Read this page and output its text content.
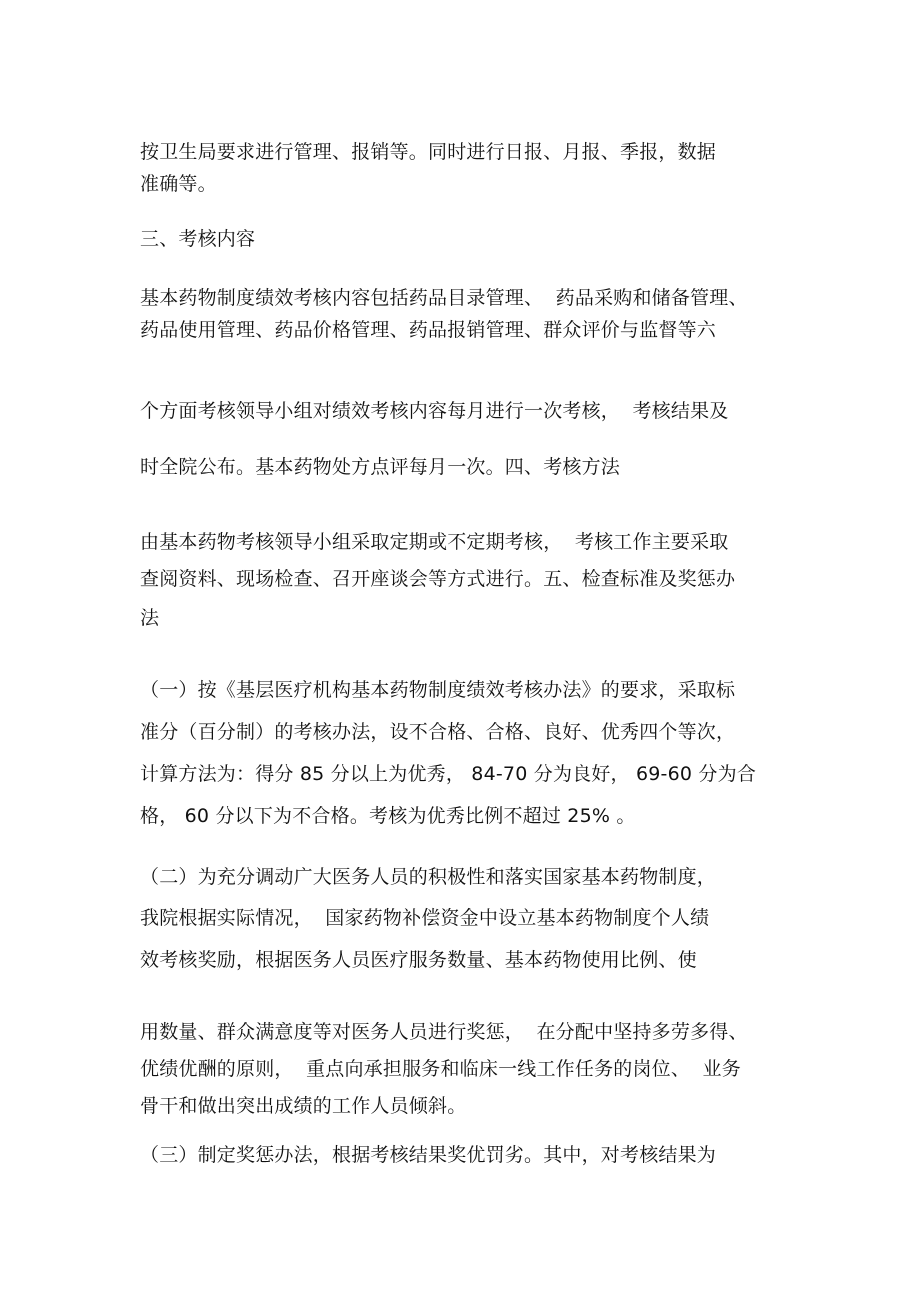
按卫生局要求进行管理、报销等。同时进行日报、月报、季报，数据
准确等。
三、考核内容
基本药物制度绩效考核内容包括药品目录管理、  药品采购和储备管理、
药品使用管理、药品价格管理、药品报销管理、群众评价与监督等六
个方面考核领导小组对绩效考核内容每月进行一次考核，  考核结果及
时全院公布。基本药物处方点评每月一次。四、考核方法
由基本药物考核领导小组采取定期或不定期考核，  考核工作主要采取
查阅资料、现场检查、召开座谈会等方式进行。五、检查标准及奖惩办
法
（一）按《基层医疗机构基本药物制度绩效考核办法》的要求，采取标
准分（百分制）的考核办法，设不合格、合格、良好、优秀四个等次，
计算方法为：得分 85 分以上为优秀， 84-70 分为良好， 69-60 分为合
格， 60 分以下为不合格。考核为优秀比例不超过 25% 。
（二）为充分调动广大医务人员的积极性和落实国家基本药物制度，
我院根据实际情况，  国家药物补偿资金中设立基本药物制度个人绩
效考核奖励，根据医务人员医疗服务数量、基本药物使用比例、使
用数量、群众满意度等对医务人员进行奖惩，  在分配中坚持多劳多得、
优绩优酬的原则，  重点向承担服务和临床一线工作任务的岗位、  业务
骨干和做出突出成绩的工作人员倾斜。
（三）制定奖惩办法，根据考核结果奖优罚劣。其中，对考核结果为
